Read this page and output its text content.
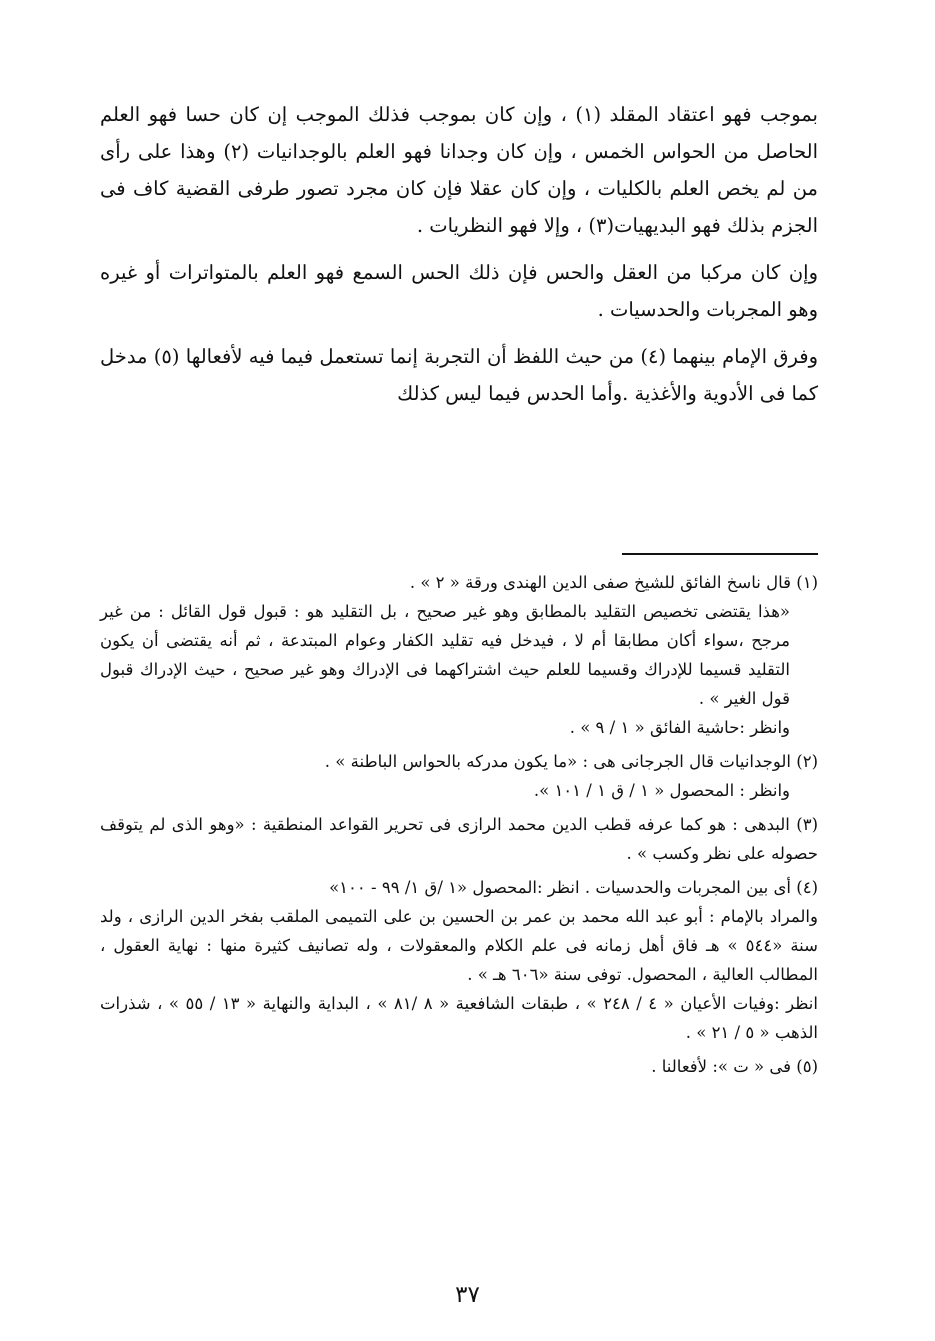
بموجب فهو اعتقاد المقلد (١) ، وإن كان بموجب فذلك الموجب إن كان حسا فهو العلم الحاصل من الحواس الخمس ، وإن كان وجدانا فهو العلم بالوجدانيات (٢) وهذا على رأى من لم يخص العلم بالكليات ، وإن كان عقلا فإن كان مجرد تصور طرفى القضية كاف فى الجزم بذلك فهو البديهيات(٣) ، وإلا فهو النظريات .

وإن كان مركبا من العقل والحس فإن ذلك الحس السمع فهو العلم بالمتواترات أو غيره وهو المجربات والحدسيات .

وفرق الإمام بينهما (٤) من حيث اللفظ أن التجربة إنما تستعمل فيما فيه لأفعالها (٥) مدخل كما فى الأدوية والأغذية .وأما الحدس فيما ليس كذلك

(١) قال ناسخ الفائق للشيخ صفى الدين الهندى ورقة « ٢ » .
«هذا يقتضى تخصيص التقليد بالمطابق وهو غير صحيح ، بل التقليد هو : قبول قول القائل : من غير مرجح ،سواء أكان مطابقا أم لا ، فيدخل فيه تقليد الكفار وعوام المبتدعة ، ثم أنه يقتضى أن يكون التقليد قسيما للإدراك وقسيما للعلم حيث اشتراكهما فى الإدراك وهو غير صحيح ، حيث الإدراك قبول قول الغير » .
وانظر :حاشية الفائق « ١ / ٩ » .
(٢) الوجدانيات قال الجرجانى هى : «ما يكون مدركه بالحواس الباطنة » .
وانظر : المحصول « ١ / ق ١ / ١٠١ ».
(٣) البدهى : هو كما عرفه قطب الدين محمد الرازى فى تحرير القواعد المنطقية : «وهو الذى لم يتوقف حصوله على نظر وكسب » .
(٤) أى بين المجربات والحدسيات . انظر :المحصول «١ /ق ١/ ٩٩ - ١٠٠»
والمراد بالإمام : أبو عبد الله محمد بن عمر بن الحسين بن على التميمى الملقب بفخر الدين الرازى ، ولد سنة «٥٤٤ » هـ فاق أهل زمانه فى علم الكلام والمعقولات ، وله تصانيف كثيرة منها : نهاية العقول ، المطالب العالية ، المحصول. توفى سنة «٦٠٦ هـ » .
انظر :وفيات الأعيان « ٤ / ٢٤٨ » ، طبقات الشافعية « ٨ /٨١ » ، البداية والنهاية « ١٣ / ٥٥ » ، شذرات الذهب « ٥ / ٢١ » .
(٥) فى « ت »: لأفعالنا .
٣٧
